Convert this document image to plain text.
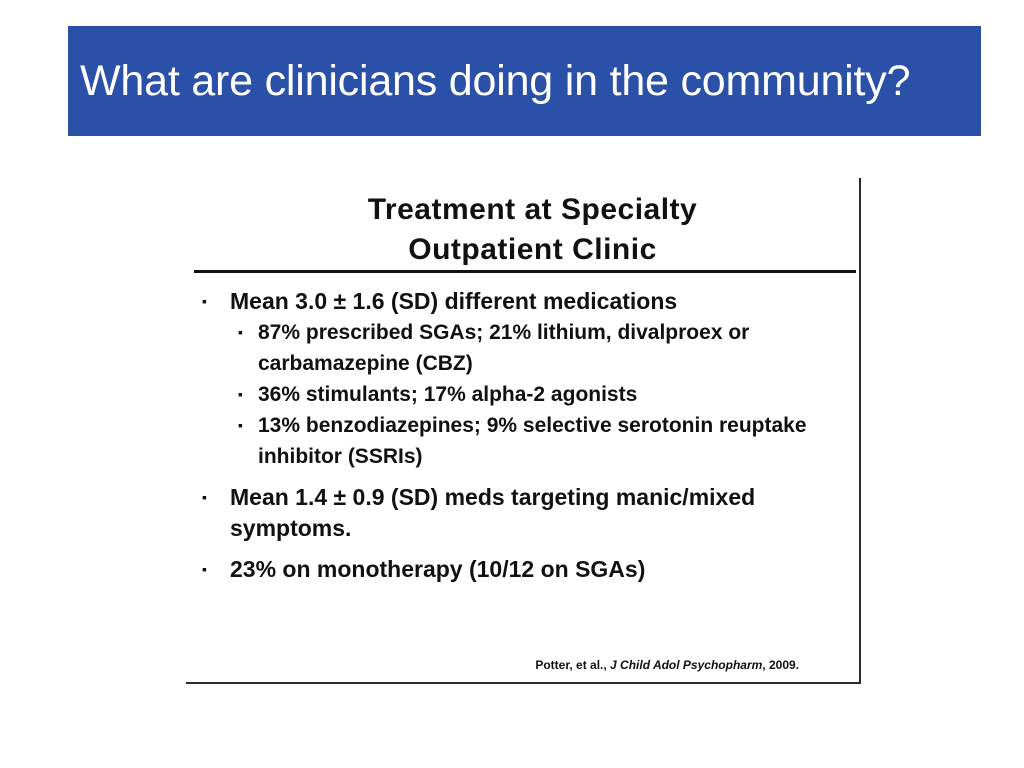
What are clinicians doing in the community?
Treatment at Specialty
Outpatient Clinic
▪ Mean 3.0 ± 1.6 (SD) different medications
▪ 87% prescribed SGAs; 21% lithium, divalproex or carbamazepine (CBZ)
▪ 36% stimulants; 17% alpha-2 agonists
▪ 13% benzodiazepines; 9% selective serotonin reuptake inhibitor (SSRIs)
▪ Mean 1.4 ± 0.9 (SD) meds targeting manic/mixed symptoms.
▪ 23% on monotherapy (10/12 on SGAs)
Potter, et al., J Child Adol Psychopharm, 2009.
